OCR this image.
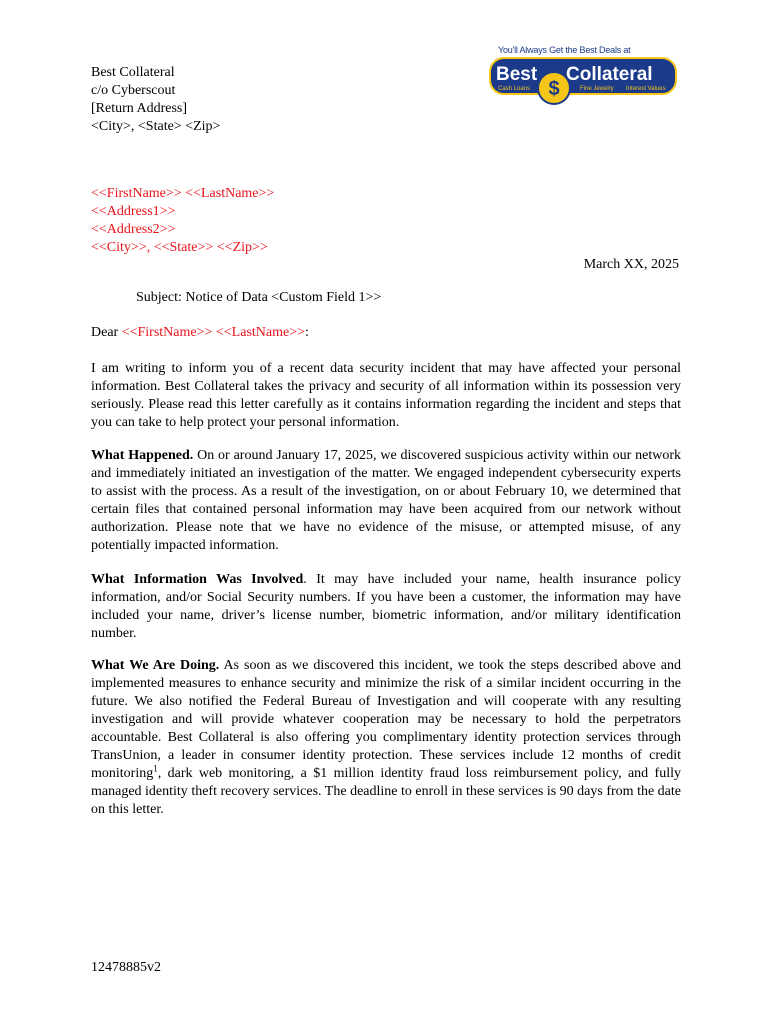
Best Collateral
c/o Cyberscout
[Return Address]
<City>, <State> <Zip>
$
Best Collateral
Cash Loans	Fine Jewelry Interest Values
You'll Always Get the Best Deals at
<<FirstName>> <<LastName>>
<<Address1>>
<<Address2>>
<<City>>, <<State>> <<Zip>>
March XX, 2025
Subject: Notice of Data <Custom Field 1>>
Dear <<FirstName>> <<LastName>>:
I am writing to inform you of a recent data security incident that may have affected your personal information. Best Collateral takes the privacy and security of all information within its possession very seriously. Please read this letter carefully as it contains information regarding the incident and steps that you can take to help protect your personal information.
What Happened. On or around January 17, 2025, we discovered suspicious activity within our network and immediately initiated an investigation of the matter. We engaged independent cybersecurity experts to assist with the process. As a result of the investigation, on or about February 10, we determined that certain files that contained personal information may have been acquired from our network without authorization. Please note that we have no evidence of the misuse, or attempted misuse, of any potentially impacted information.
What Information Was Involved. It may have included your name, health insurance policy information, and/or Social Security numbers. If you have been a customer, the information may have included your name, driver’s license number, biometric information, and/or military identification number.
What We Are Doing. As soon as we discovered this incident, we took the steps described above and implemented measures to enhance security and minimize the risk of a similar incident occurring in the future. We also notified the Federal Bureau of Investigation and will cooperate with any resulting investigation and will provide whatever cooperation may be necessary to hold the perpetrators accountable. Best Collateral is also offering you complimentary identity protection services through TransUnion, a leader in consumer identity protection. These services include 12 months of credit monitoring$^1$, dark web monitoring, a $1 million identity fraud loss reimbursement policy, and fully managed identity theft recovery services. The deadline to enroll in these services is 90 days from the date on this letter.
12478885v2
